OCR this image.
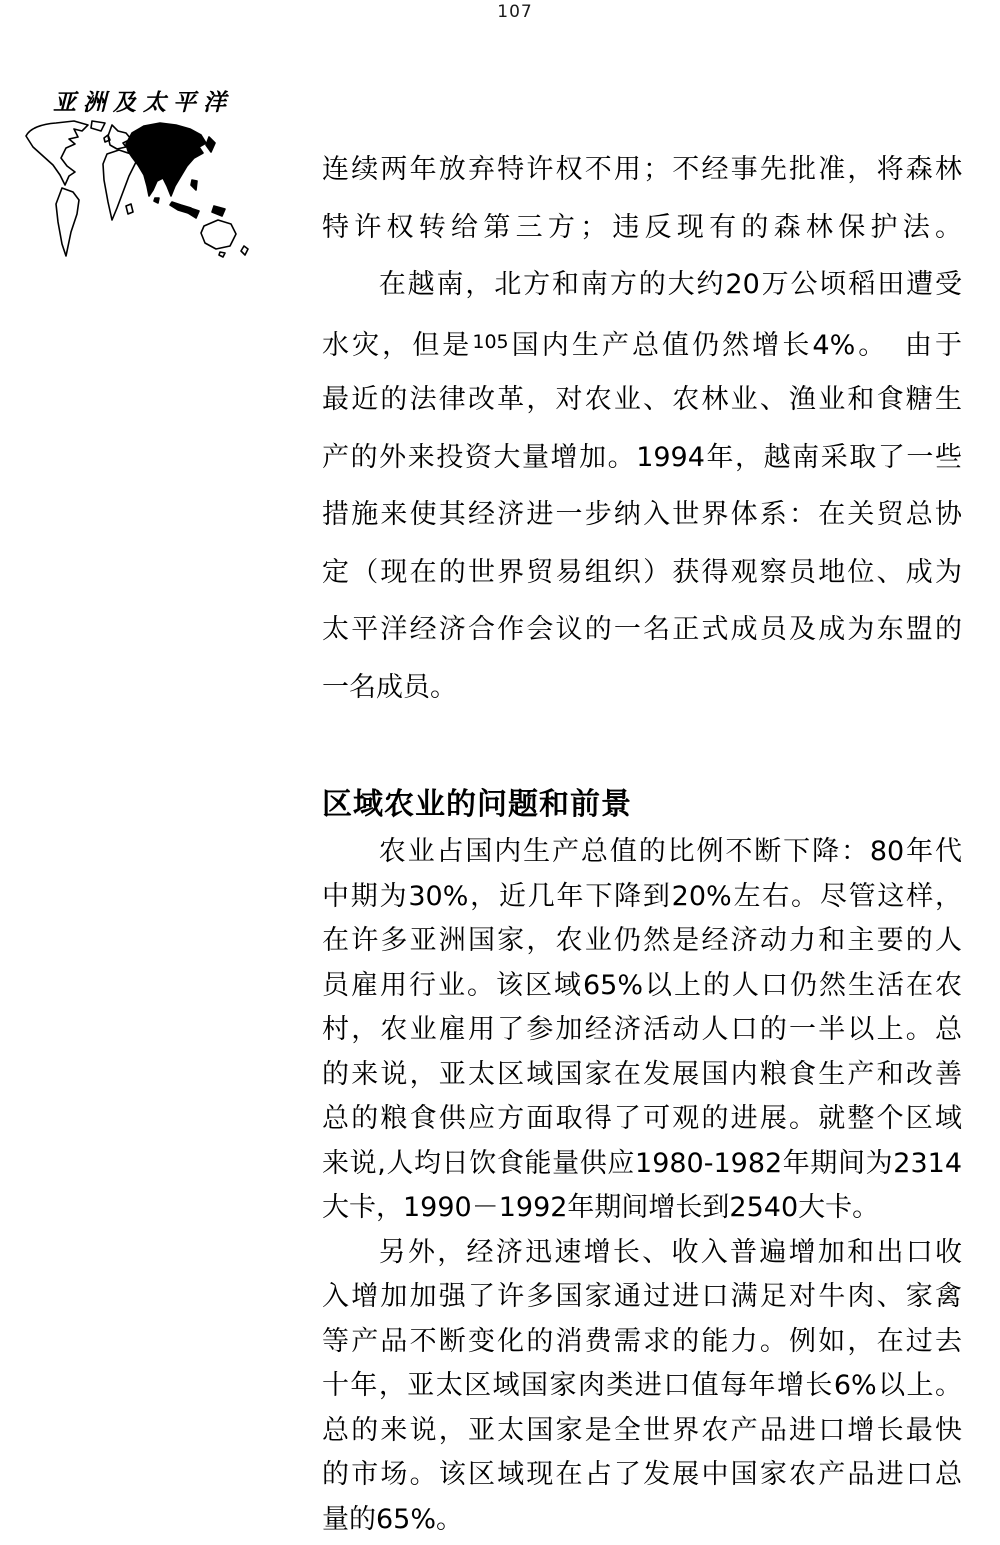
107
亚洲及太平洋
连续两年放弃特许权不用；不经事先批准，将森林
特许权转给第三方；违反现有的森林保护法。
在越南，北方和南方的大约20万公顷稻田遭受
水灾，但是$^{105}$国内生产总值仍然增长4%。　由于
最近的法律改革，对农业、农林业、渔业和食糖生
产的外来投资大量增加。1994年，越南采取了一些
措施来使其经济进一步纳入世界体系：在关贸总协
定（现在的世界贸易组织）获得观察员地位、成为
太平洋经济合作会议的一名正式成员及成为东盟的
一名成员。
区域农业的问题和前景
农业占国内生产总值的比例不断下降：80年代
中期为30%，近几年下降到20%左右。尽管这样，
在许多亚洲国家，农业仍然是经济动力和主要的人
员雇用行业。该区域65%以上的人口仍然生活在农
村，农业雇用了参加经济活动人口的一半以上。总
的来说，亚太区域国家在发展国内粮食生产和改善
总的粮食供应方面取得了可观的进展。就整个区域
来说,人均日饮食能量供应1980-1982年期间为2314
大卡，1990－1992年期间增长到2540大卡。
另外，经济迅速增长、收入普遍增加和出口收
入增加加强了许多国家通过进口满足对牛肉、家禽
等产品不断变化的消费需求的能力。例如，在过去
十年，亚太区域国家肉类进口值每年增长6%以上。
总的来说，亚太国家是全世界农产品进口增长最快
的市场。该区域现在占了发展中国家农产品进口总
量的65%。
